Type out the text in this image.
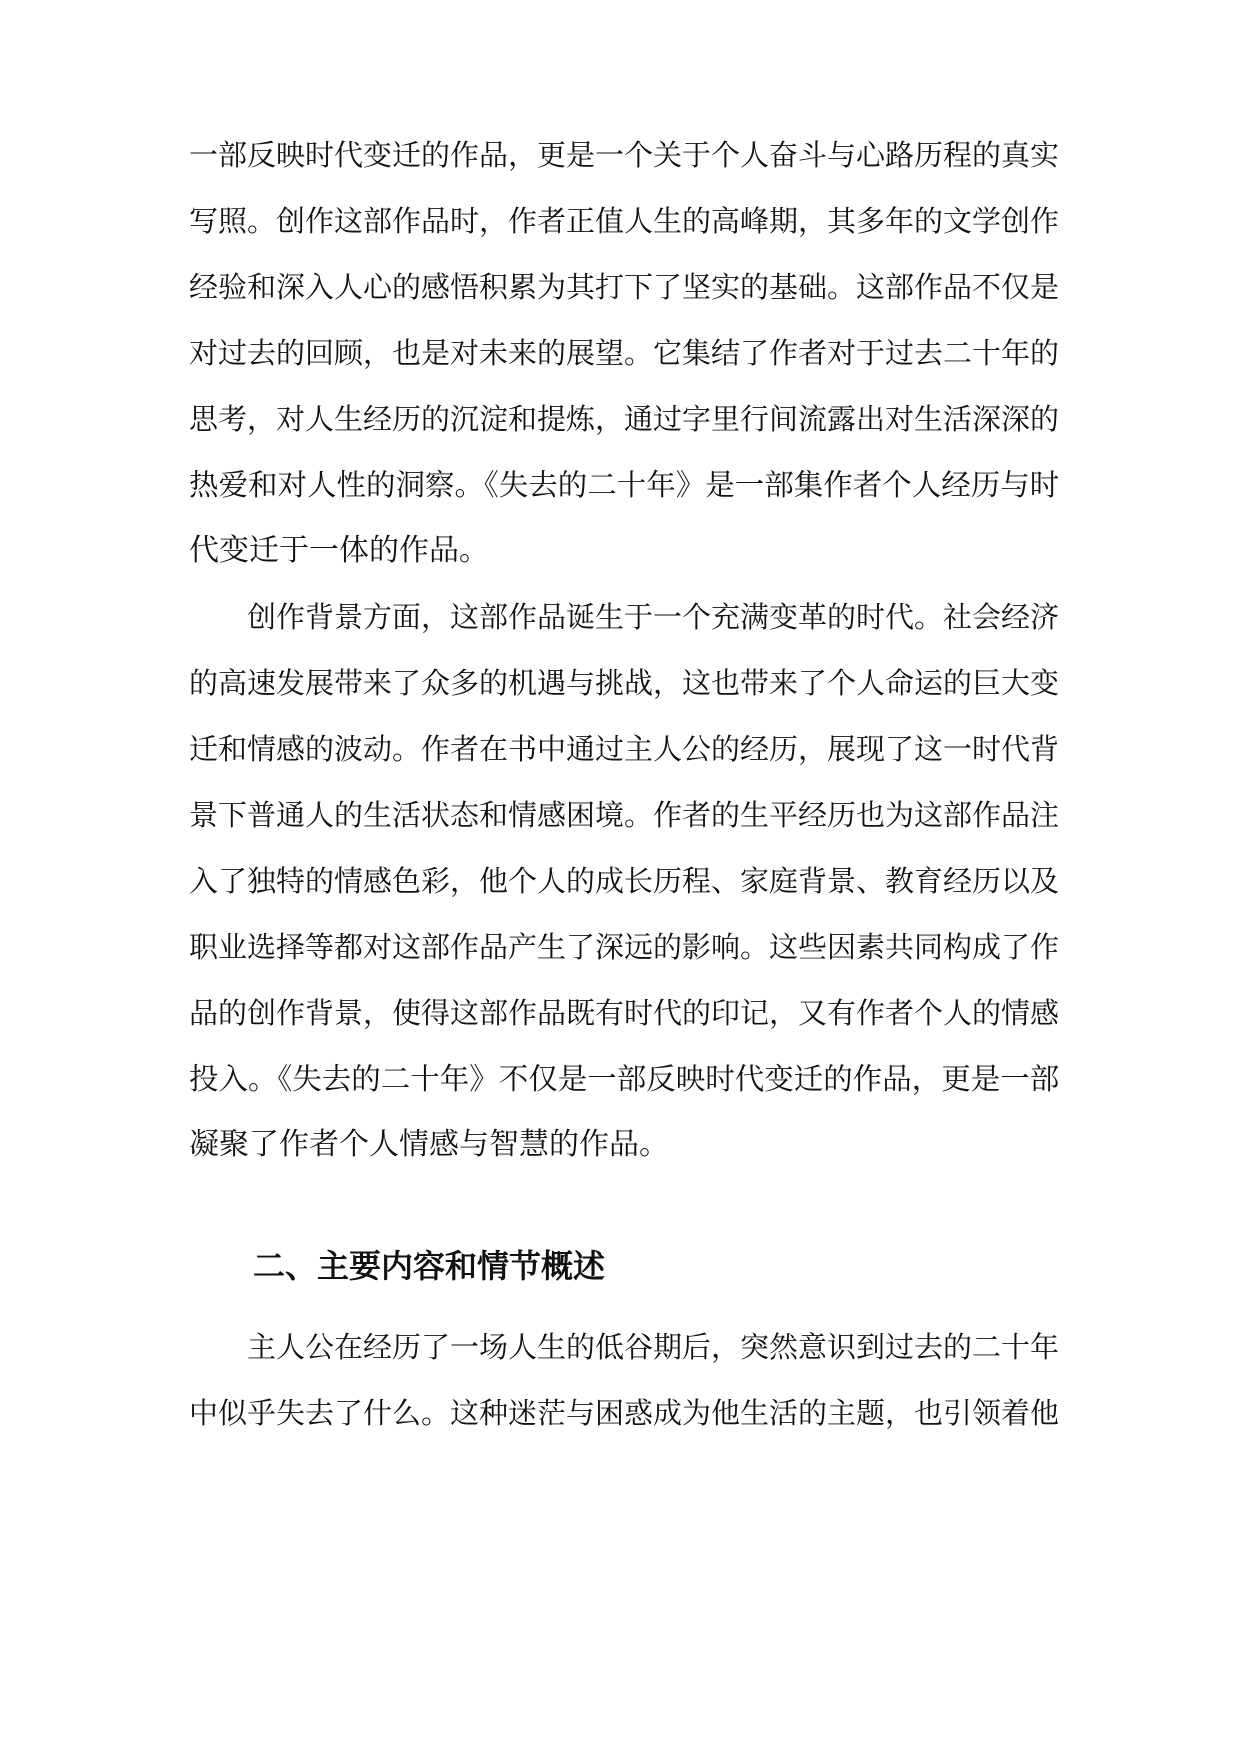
一部反映时代变迁的作品，更是一个关于个人奋斗与心路历程的真实
写照。创作这部作品时，作者正值人生的高峰期，其多年的文学创作
经验和深入人心的感悟积累为其打下了坚实的基础。这部作品不仅是
对过去的回顾，也是对未来的展望。它集结了作者对于过去二十年的
思考，对人生经历的沉淀和提炼，通过字里行间流露出对生活深深的
热爱和对人性的洞察。《失去的二十年》是一部集作者个人经历与时
代变迁于一体的作品。
创作背景方面，这部作品诞生于一个充满变革的时代。社会经济
的高速发展带来了众多的机遇与挑战，这也带来了个人命运的巨大变
迁和情感的波动。作者在书中通过主人公的经历，展现了这一时代背
景下普通人的生活状态和情感困境。作者的生平经历也为这部作品注
入了独特的情感色彩，他个人的成长历程、家庭背景、教育经历以及
职业选择等都对这部作品产生了深远的影响。这些因素共同构成了作
品的创作背景，使得这部作品既有时代的印记，又有作者个人的情感
投入。《失去的二十年》不仅是一部反映时代变迁的作品，更是一部
凝聚了作者个人情感与智慧的作品。
二、主要内容和情节概述
主人公在经历了一场人生的低谷期后，突然意识到过去的二十年
中似乎失去了什么。这种迷茫与困惑成为他生活的主题，也引领着他
